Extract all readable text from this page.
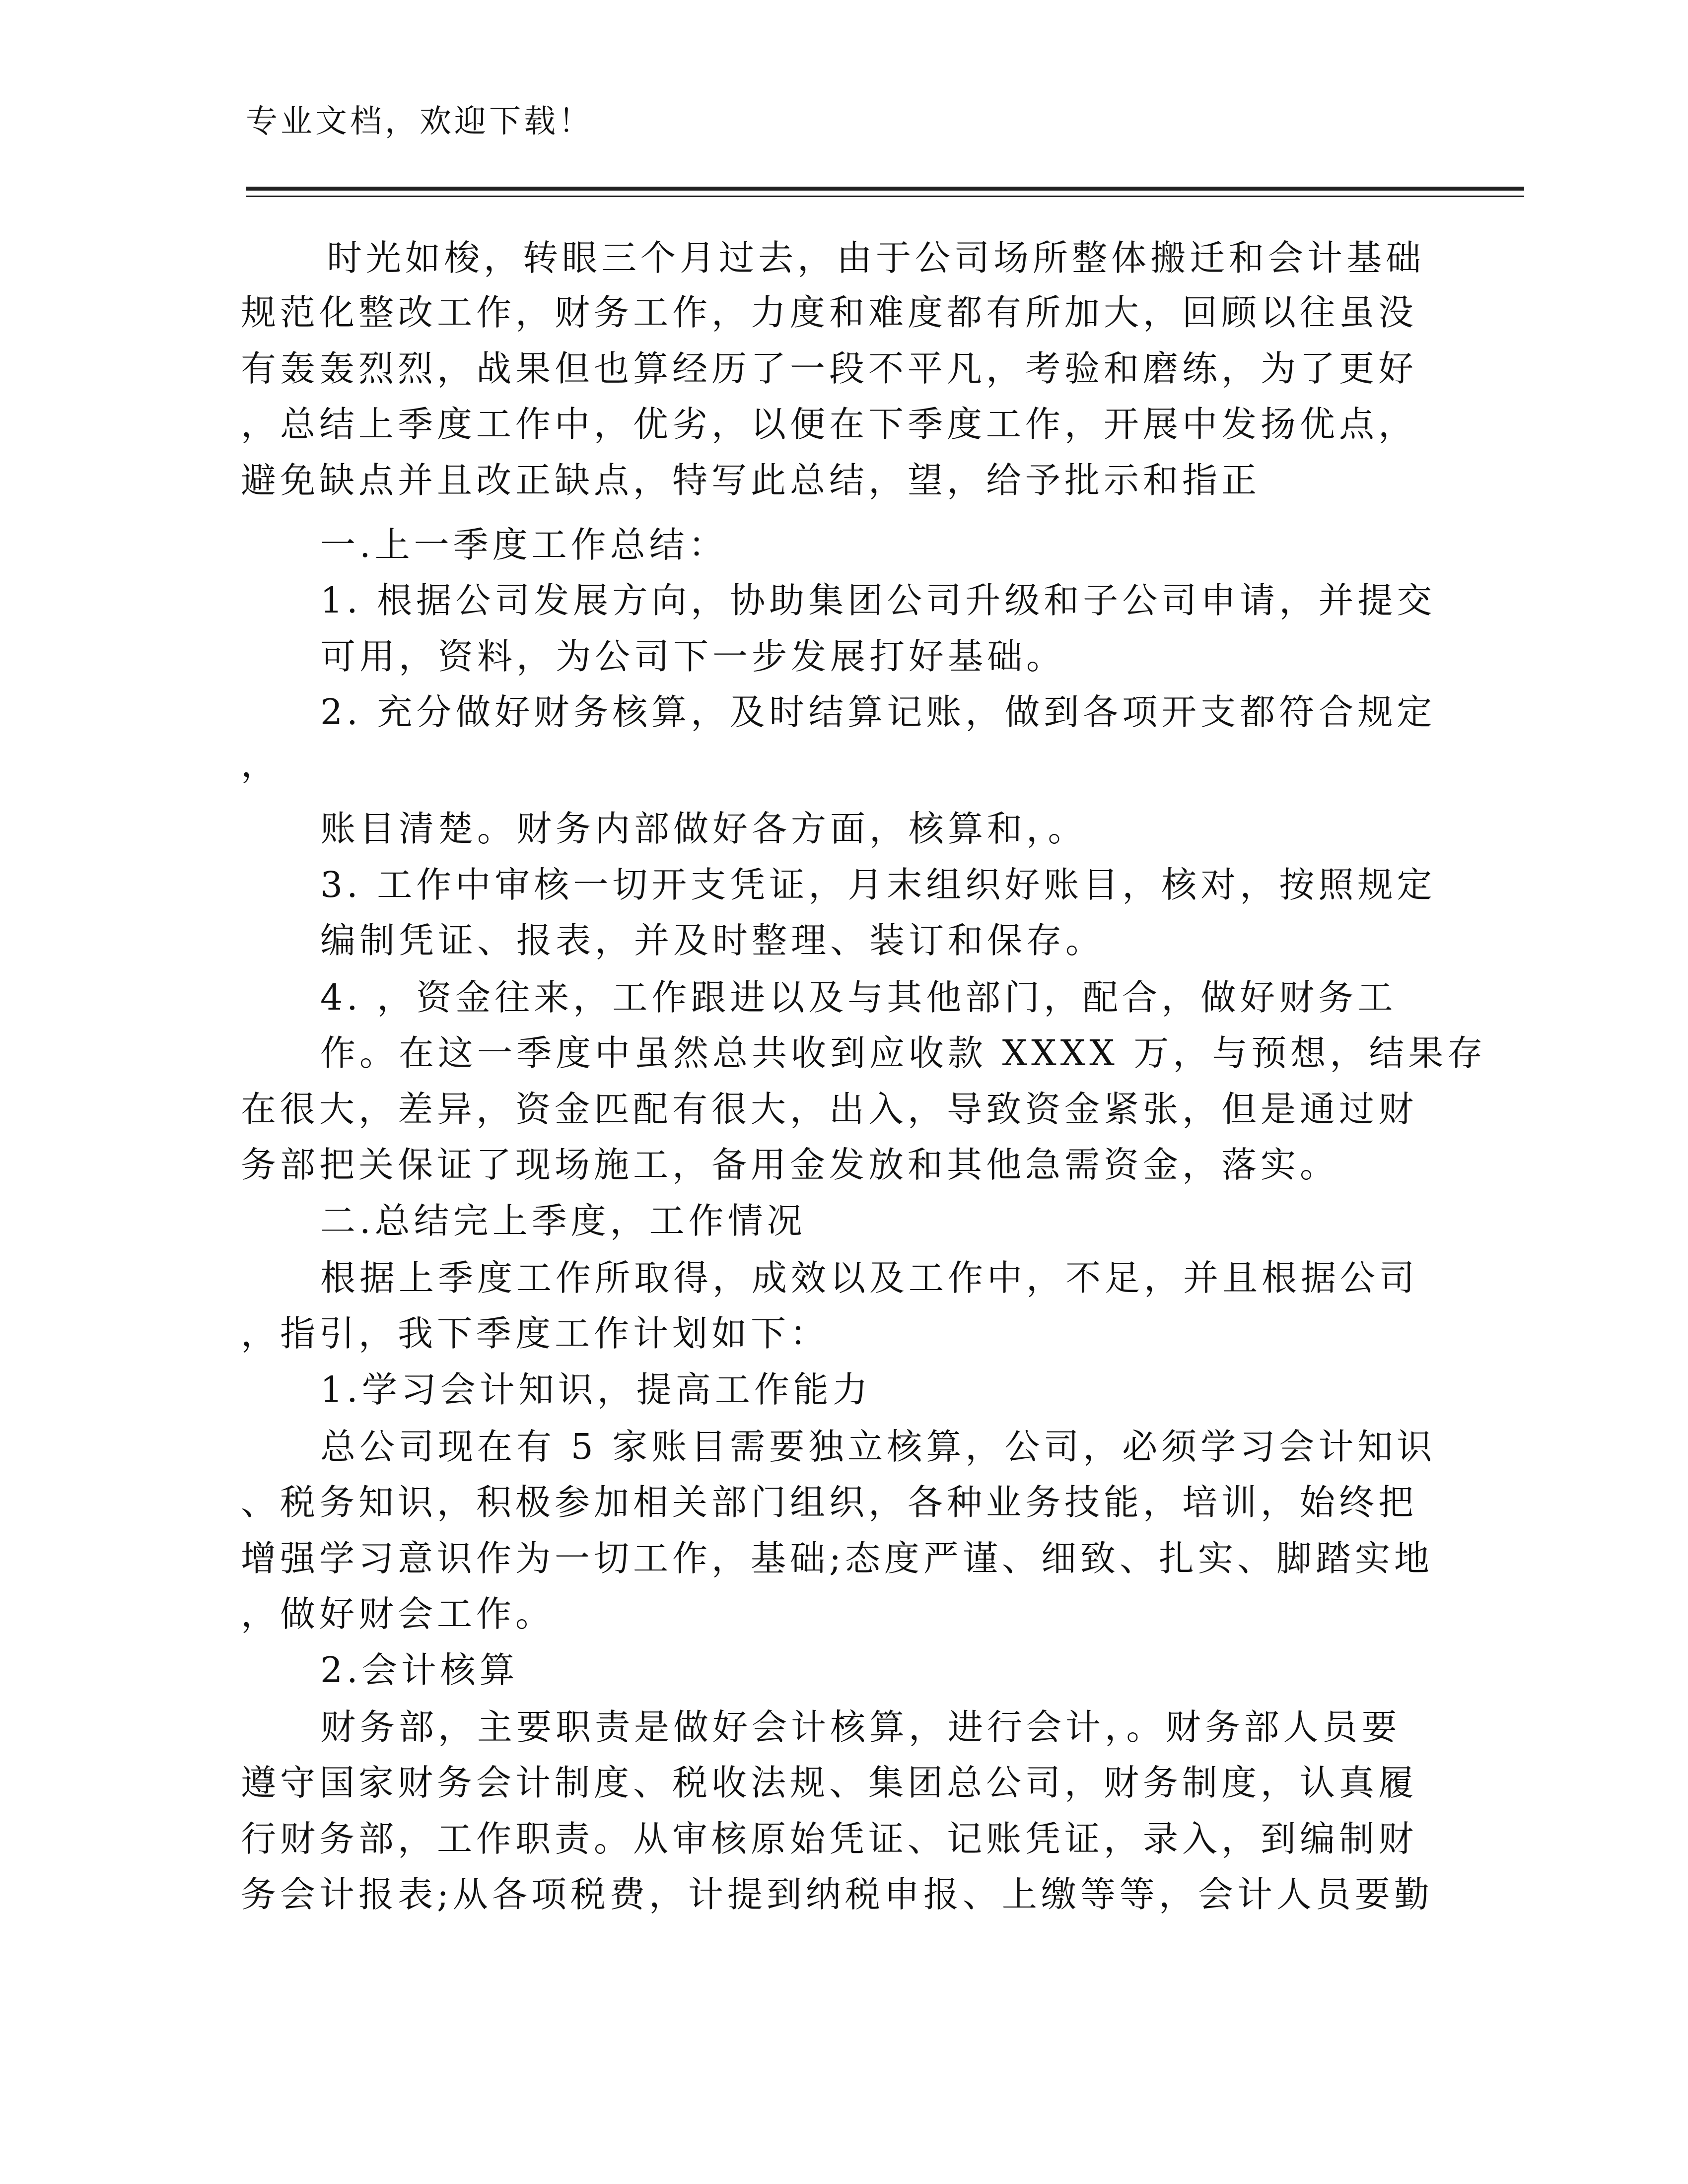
专业文档，欢迎下载！
时光如梭，转眼三个月过去，由于公司场所整体搬迁和会计基础
规范化整改工作，财务工作，力度和难度都有所加大，回顾以往虽没
有轰轰烈烈，战果但也算经历了一段不平凡，考验和磨练，为了更好
，总结上季度工作中，优劣，以便在下季度工作，开展中发扬优点，
避免缺点并且改正缺点，特写此总结，望，给予批示和指正
一.上一季度工作总结：
1. 根据公司发展方向，协助集团公司升级和子公司申请，并提交
可用，资料，为公司下一步发展打好基础。
2. 充分做好财务核算，及时结算记账，做到各项开支都符合规定
，
账目清楚。财务内部做好各方面，核算和，。
3. 工作中审核一切开支凭证，月末组织好账目，核对，按照规定
编制凭证、报表，并及时整理、装订和保存。
4. ，资金往来，工作跟进以及与其他部门，配合，做好财务工
作。在这一季度中虽然总共收到应收款 XXXX 万，与预想，结果存
在很大，差异，资金匹配有很大，出入，导致资金紧张，但是通过财
务部把关保证了现场施工，备用金发放和其他急需资金，落实。
二.总结完上季度，工作情况
根据上季度工作所取得，成效以及工作中，不足，并且根据公司
，指引，我下季度工作计划如下：
1.学习会计知识，提高工作能力
总公司现在有 5 家账目需要独立核算，公司，必须学习会计知识
、税务知识，积极参加相关部门组织，各种业务技能，培训，始终把
增强学习意识作为一切工作，基础;态度严谨、细致、扎实、脚踏实地
，做好财会工作。
2.会计核算
财务部，主要职责是做好会计核算，进行会计，。财务部人员要
遵守国家财务会计制度、税收法规、集团总公司，财务制度，认真履
行财务部，工作职责。从审核原始凭证、记账凭证，录入，到编制财
务会计报表;从各项税费，计提到纳税申报、上缴等等，会计人员要勤
